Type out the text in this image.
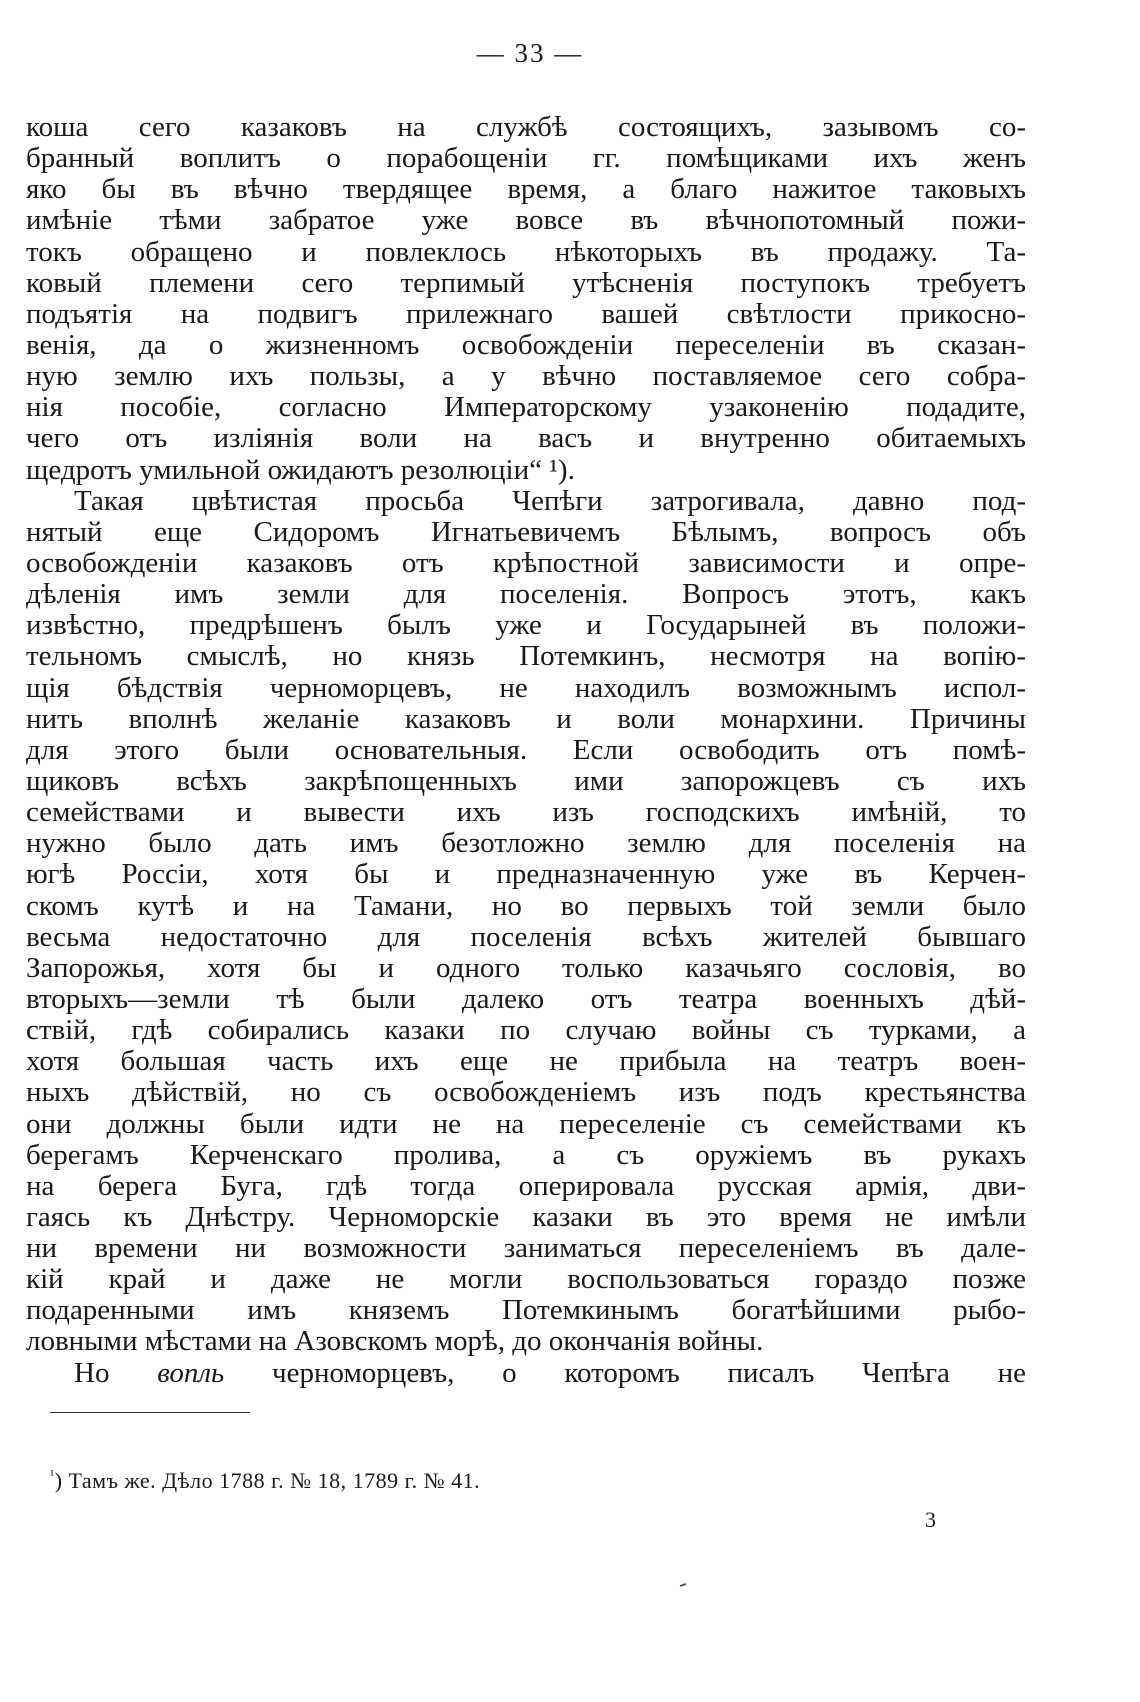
— 33 —
коша сего казаковъ на службѣ состоящихъ, зазывомъ со-
бранный воплитъ о порабощенiи гг. помѣщиками ихъ женъ
яко бы въ вѣчно твердящее время, а благо нажитое таковыхъ
имѣнiе тѣми забратое уже вовсе въ вѣчнопотомный пожи-
токъ обращено и повлеклось нѣкоторыхъ въ продажу. Та-
ковый племени сего терпимый утѣсненiя поступокъ требуетъ
подъятiя на подвигъ прилежнаго вашей свѣтлости прикосно-
венiя, да о жизненномъ освобожденiи переселенiи въ сказан-
ную землю ихъ пользы, а у вѣчно поставляемое сего собра-
нiя пособiе, согласно Императорскому узаконенiю подадите,
чего отъ излiянiя воли на васъ и внутренно обитаемыхъ
щедротъ умильной ожидаютъ резолюцiи“ ¹).
Такая цвѣтистая просьба Чепѣги затрогивала, давно под-
нятый еще Сидоромъ Игнатьевичемъ Бѣлымъ, вопросъ объ
освобожденiи казаковъ отъ крѣпостной зависимости и опре-
дѣленiя имъ земли для поселенiя. Вопросъ этотъ, какъ
извѣстно, предрѣшенъ былъ уже и Государыней въ положи-
тельномъ смыслѣ, но князь Потемкинъ, несмотря на вопiю-
щiя бѣдствiя черноморцевъ, не находилъ возможнымъ испол-
нить вполнѣ желанiе казаковъ и воли монархини. Причины
для этого были основательныя. Если освободить отъ помѣ-
щиковъ всѣхъ закрѣпощенныхъ ими запорожцевъ съ ихъ
семействами и вывести ихъ изъ господскихъ имѣнiй, то
нужно было дать имъ безотложно землю для поселенiя на
югѣ Россiи, хотя бы и предназначенную уже въ Керчен-
скомъ кутѣ и на Тамани, но во первыхъ той земли было
весьма недостаточно для поселенiя всѣхъ жителей бывшаго
Запорожья, хотя бы и одного только казачьяго сословiя, во
вторыхъ—земли тѣ были далеко отъ театра военныхъ дѣй-
ствiй, гдѣ собирались казаки по случаю войны съ турками, а
хотя большая часть ихъ еще не прибыла на театръ воен-
ныхъ дѣйствiй, но съ освобожденiемъ изъ подъ крестьянства
они должны были идти не на переселенiе съ семействами къ
берегамъ Керченскаго пролива, а съ оружiемъ въ рукахъ
на берега Буга, гдѣ тогда оперировала русская армiя, дви-
гаясь къ Днѣстру. Черноморскiе казаки въ это время не имѣли
ни времени ни возможности заниматься переселенiемъ въ дале-
кiй край и даже не могли воспользоваться гораздо позже
подаренными имъ княземъ Потемкинымъ богатѣйшими рыбо-
ловными мѣстами на Азовскомъ морѣ, до окончанiя войны.
Но вопль черноморцевъ, о которомъ писалъ Чепѣга не
$^{^1}$) Тамъ же. Дѣло 1788 г. № 18, 1789 г. № 41.
3
